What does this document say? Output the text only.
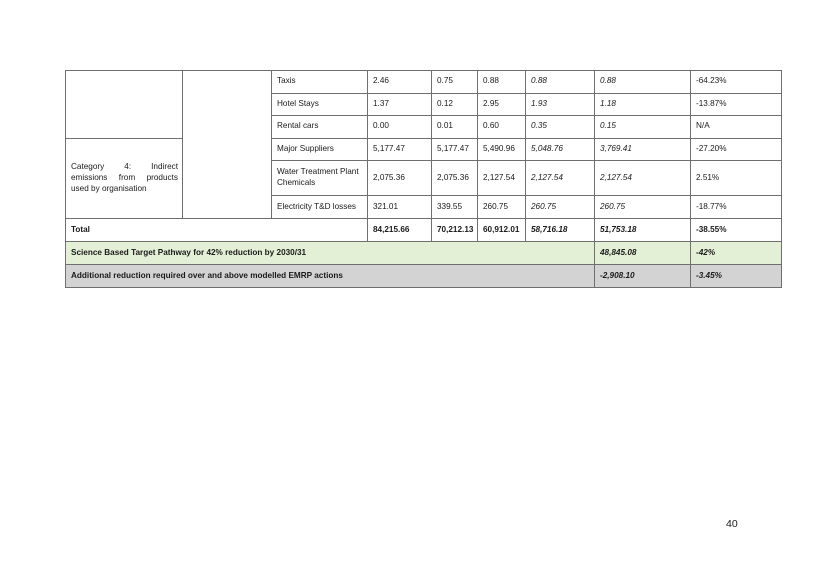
		Taxis	2.46	0.75	0.88	0.88	0.88	-64.23%
		Hotel Stays	1.37	0.12	2.95	1.93	1.18	-13.87%
		Rental cars	0.00	0.01	0.60	0.35	0.15	N/A
Category 4: Indirect emissions from products used by organisation		Major Suppliers	5,177.47	5,177.47	5,490.96	5,048.76	3,769.41	-27.20%
		Water Treatment Plant Chemicals	2,075.36	2,075.36	2,127.54	2,127.54	2,127.54	2.51%
		Electricity T&D losses	321.01	339.55	260.75	260.75	260.75	-18.77%
Total			84,215.66	70,212.13	60,912.01	58,716.18	51,753.18	-38.55%
Science Based Target Pathway for 42% reduction by 2030/31							48,845.08	-42%
Additional reduction required over and above modelled EMRP actions							-2,908.10	-3.45%
40
